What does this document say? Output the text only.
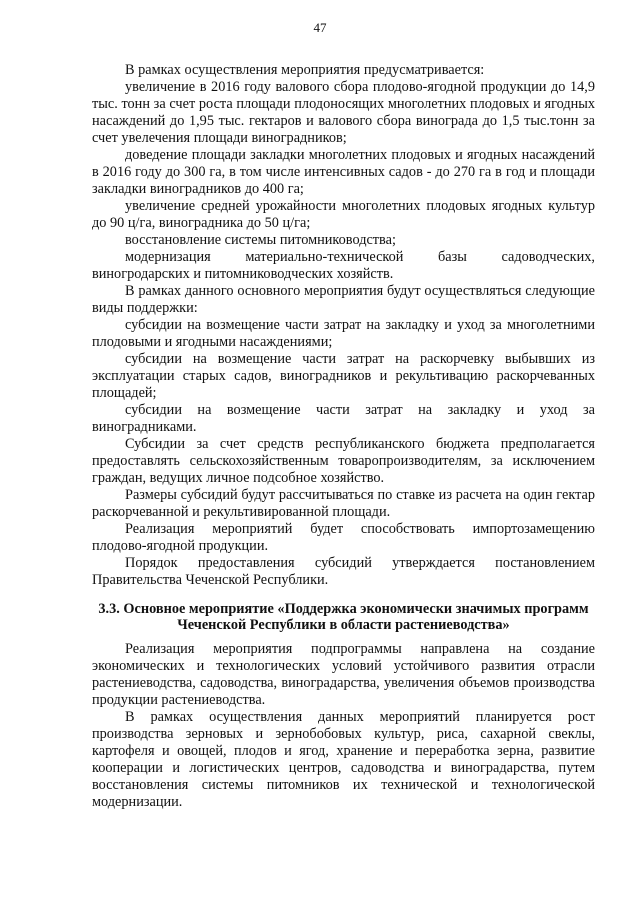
47

В рамках осуществления мероприятия предусматривается:

увеличение в 2016 году валового сбора плодово-ягодной продукции до 14,9 тыс. тонн за счет роста площади плодоносящих многолетних плодовых и ягодных насаждений до 1,95 тыс. гектаров и валового сбора винограда до 1,5 тыс.тонн за счет увелечения площади виноградников;

доведение площади закладки многолетних плодовых и ягодных насаждений в 2016 году до 300 га, в том числе интенсивных садов - до 270 га в год и площади закладки виноградников до 400 га;

увеличение средней урожайности многолетних плодовых ягодных культур до 90 ц/га, виноградника до 50 ц/га;

восстановление системы питомниководства;

модернизация материально-технической базы садоводческих, виногродарских и питомниководческих хозяйств.

В рамках данного основного мероприятия будут осуществляться следующие виды поддержки:

субсидии на возмещение части затрат на закладку и уход за многолетними плодовыми и ягодными насаждениями;

субсидии на возмещение части затрат на раскорчевку выбывших из эксплуатации старых садов, виноградников и рекультивацию раскорчеванных площадей;

субсидии на возмещение части затрат на закладку и уход за виноградниками.

Субсидии за счет средств республиканского бюджета предполагается предоставлять сельскохозяйственным товаропроизводителям, за исключением граждан, ведущих личное подсобное хозяйство.

Размеры субсидий будут рассчитываться по ставке из расчета на один гектар раскорчеванной и рекультивированной площади.

Реализация мероприятий будет способствовать импортозамещению плодово-ягодной продукции.

Порядок предоставления субсидий утверждается постановлением Правительства Чеченской Республики.

3.3. Основное мероприятие «Поддержка экономически значимых программ Чеченской Республики в области растениеводства»

Реализация мероприятия подпрограммы направлена на создание экономических и технологических условий устойчивого развития отрасли растениеводства, садоводства, виноградарства, увеличения объемов производства продукции растениеводства.

В рамках осуществления данных мероприятий планируется рост производства зерновых и зернобобовых культур, риса, сахарной свеклы, картофеля и овощей, плодов и ягод, хранение и переработка зерна, развитие кооперации и логистических центров, садоводства и виноградарства, путем восстановления системы питомников их технической и технологической модернизации.
